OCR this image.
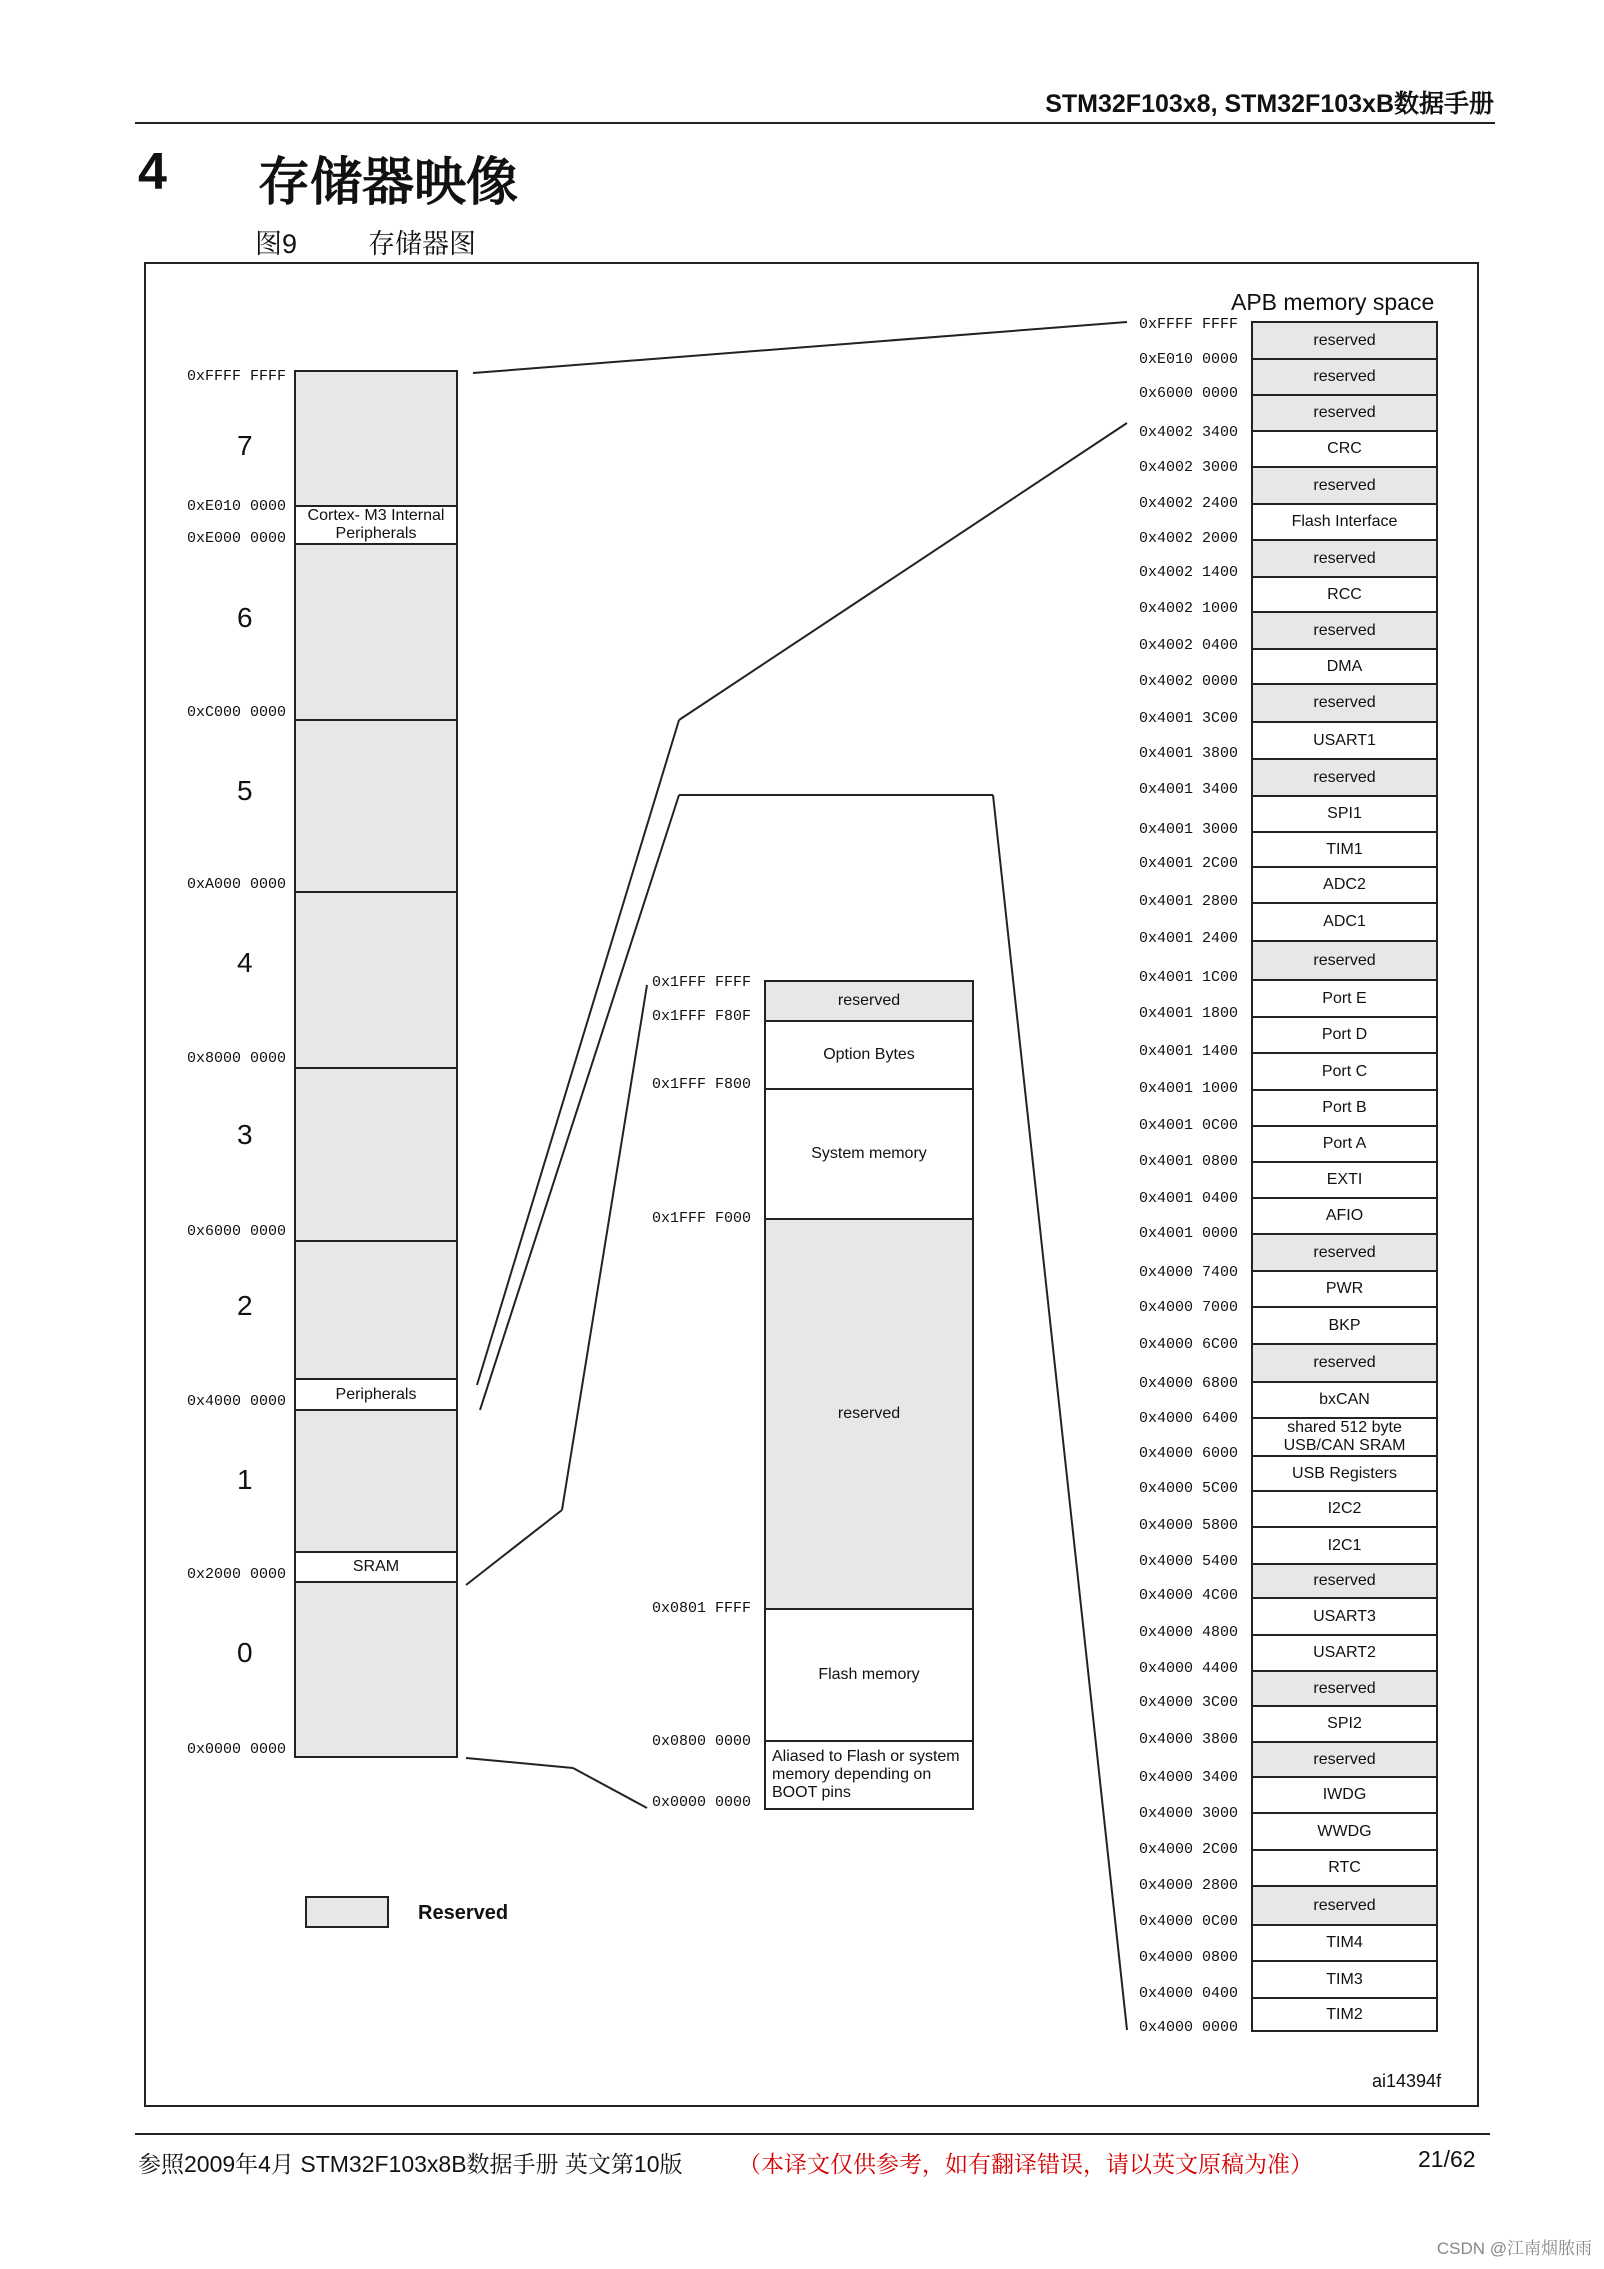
STM32F103x8, STM32F103xB数据手册
4 存储器映像
图9	存储器图
Cortex- M3 Internal
Peripherals
Peripherals
SRAM
7
6
5
4
3
2
1
0
0xFFFF FFFF
0xE010 0000
0xE000 0000
0xC000 0000
0xA000 0000
0x8000 0000
0x6000 0000
0x4000 0000
0x2000 0000
0x0000 0000
reserved
Option Bytes
System memory
reserved
Flash memory
Aliased to Flash or system
memory depending on
BOOT pins
0x1FFF FFFF
0x1FFF F80F
0x1FFF F800
0x1FFF F000
0x0801 FFFF
0x0800 0000
0x0000 0000
APB memory space
reserved
reserved
reserved
CRC
reserved
Flash Interface
reserved
RCC
reserved
DMA
reserved
USART1
reserved
SPI1
TIM1
ADC2
ADC1
reserved
Port E
Port D
Port C
Port B
Port A
EXTI
AFIO
reserved
PWR
BKP
reserved
bxCAN
shared 512 byte
USB/CAN SRAM
USB Registers
I2C2
I2C1
reserved
USART3
USART2
reserved
SPI2
reserved
IWDG
WWDG
RTC
reserved
TIM4
TIM3
TIM2
0xFFFF FFFF
0xE010 0000
0x6000 0000
0x4002 3400
0x4002 3000
0x4002 2400
0x4002 2000
0x4002 1400
0x4002 1000
0x4002 0400
0x4002 0000
0x4001 3C00
0x4001 3800
0x4001 3400
0x4001 3000
0x4001 2C00
0x4001 2800
0x4001 2400
0x4001 1C00
0x4001 1800
0x4001 1400
0x4001 1000
0x4001 0C00
0x4001 0800
0x4001 0400
0x4001 0000
0x4000 7400
0x4000 7000
0x4000 6C00
0x4000 6800
0x4000 6400
0x4000 6000
0x4000 5C00
0x4000 5800
0x4000 5400
0x4000 4C00
0x4000 4800
0x4000 4400
0x4000 3C00
0x4000 3800
0x4000 3400
0x4000 3000
0x4000 2C00
0x4000 2800
0x4000 0C00
0x4000 0800
0x4000 0400
0x4000 0000
Reserved
ai14394f
参照2009年4月 STM32F103x8B数据手册 英文第10版 （本译文仅供参考，如有翻译错误，请以英文原稿为准）	21/62
CSDN @江南烟脓雨
